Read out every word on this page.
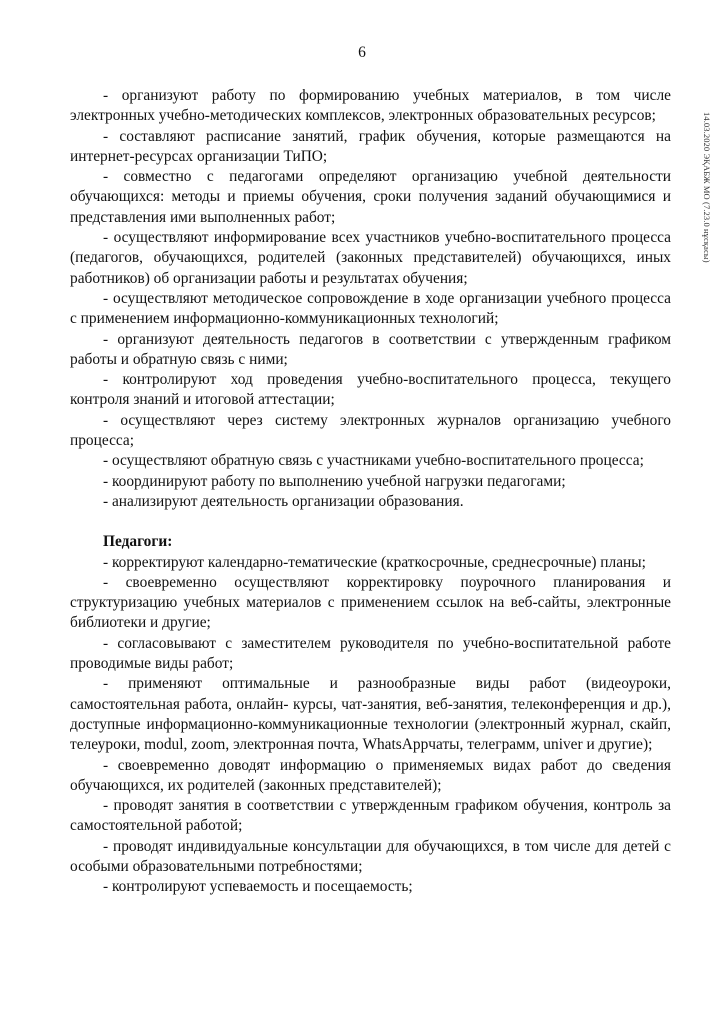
6
14.03.2020 ЭҚАБЖ МО (7.23.0 нұсқасы)

- организуют работу по формированию учебных материалов, в том числе электронных учебно-методических комплексов, электронных образовательных ресурсов;

- составляют расписание занятий, график обучения, которые размещаются на интернет-ресурсах организации ТиПО;

- совместно с педагогами определяют организацию учебной деятельности обучающихся: методы и приемы обучения, сроки получения заданий обучающимися и представления ими выполненных работ;

- осуществляют информирование всех участников учебно-воспитательного процесса (педагогов, обучающихся, родителей (законных представителей) обучающихся, иных работников) об организации работы и результатах обучения;

- осуществляют методическое сопровождение в ходе организации учебного процесса с применением информационно-коммуникационных технологий;

- организуют деятельность педагогов в соответствии с утвержденным графиком работы и обратную связь с ними;

- контролируют ход проведения учебно-воспитательного процесса, текущего контроля знаний и итоговой аттестации;

- осуществляют через систему электронных журналов организацию учебного процесса;

- осуществляют обратную связь с участниками учебно-воспитательного процесса;

- координируют работу по выполнению учебной нагрузки педагогами;

- анализируют деятельность организации образования.

Педагоги:

- корректируют календарно-тематические (краткосрочные, среднесрочные) планы;

- своевременно осуществляют корректировку поурочного планирования и структуризацию учебных материалов с применением ссылок на веб-сайты, электронные библиотеки и другие;

- согласовывают с заместителем руководителя по учебно-воспитательной работе проводимые виды работ;

- применяют оптимальные и разнообразные виды работ (видеоуроки, самостоятельная работа, онлайн- курсы, чат-занятия, веб-занятия, телеконференция и др.), доступные информационно-коммуникационные технологии (электронный журнал, скайп, телеуроки, modul, zoom, электронная почта, WhatsAppчаты, телеграмм, univer и другие);

- своевременно доводят информацию о применяемых видах работ до сведения обучающихся, их родителей (законных представителей);

- проводят занятия в соответствии с утвержденным графиком обучения, контроль за самостоятельной работой;

- проводят индивидуальные консультации для обучающихся, в том числе для детей с особыми образовательными потребностями;

- контролируют успеваемость и посещаемость;
